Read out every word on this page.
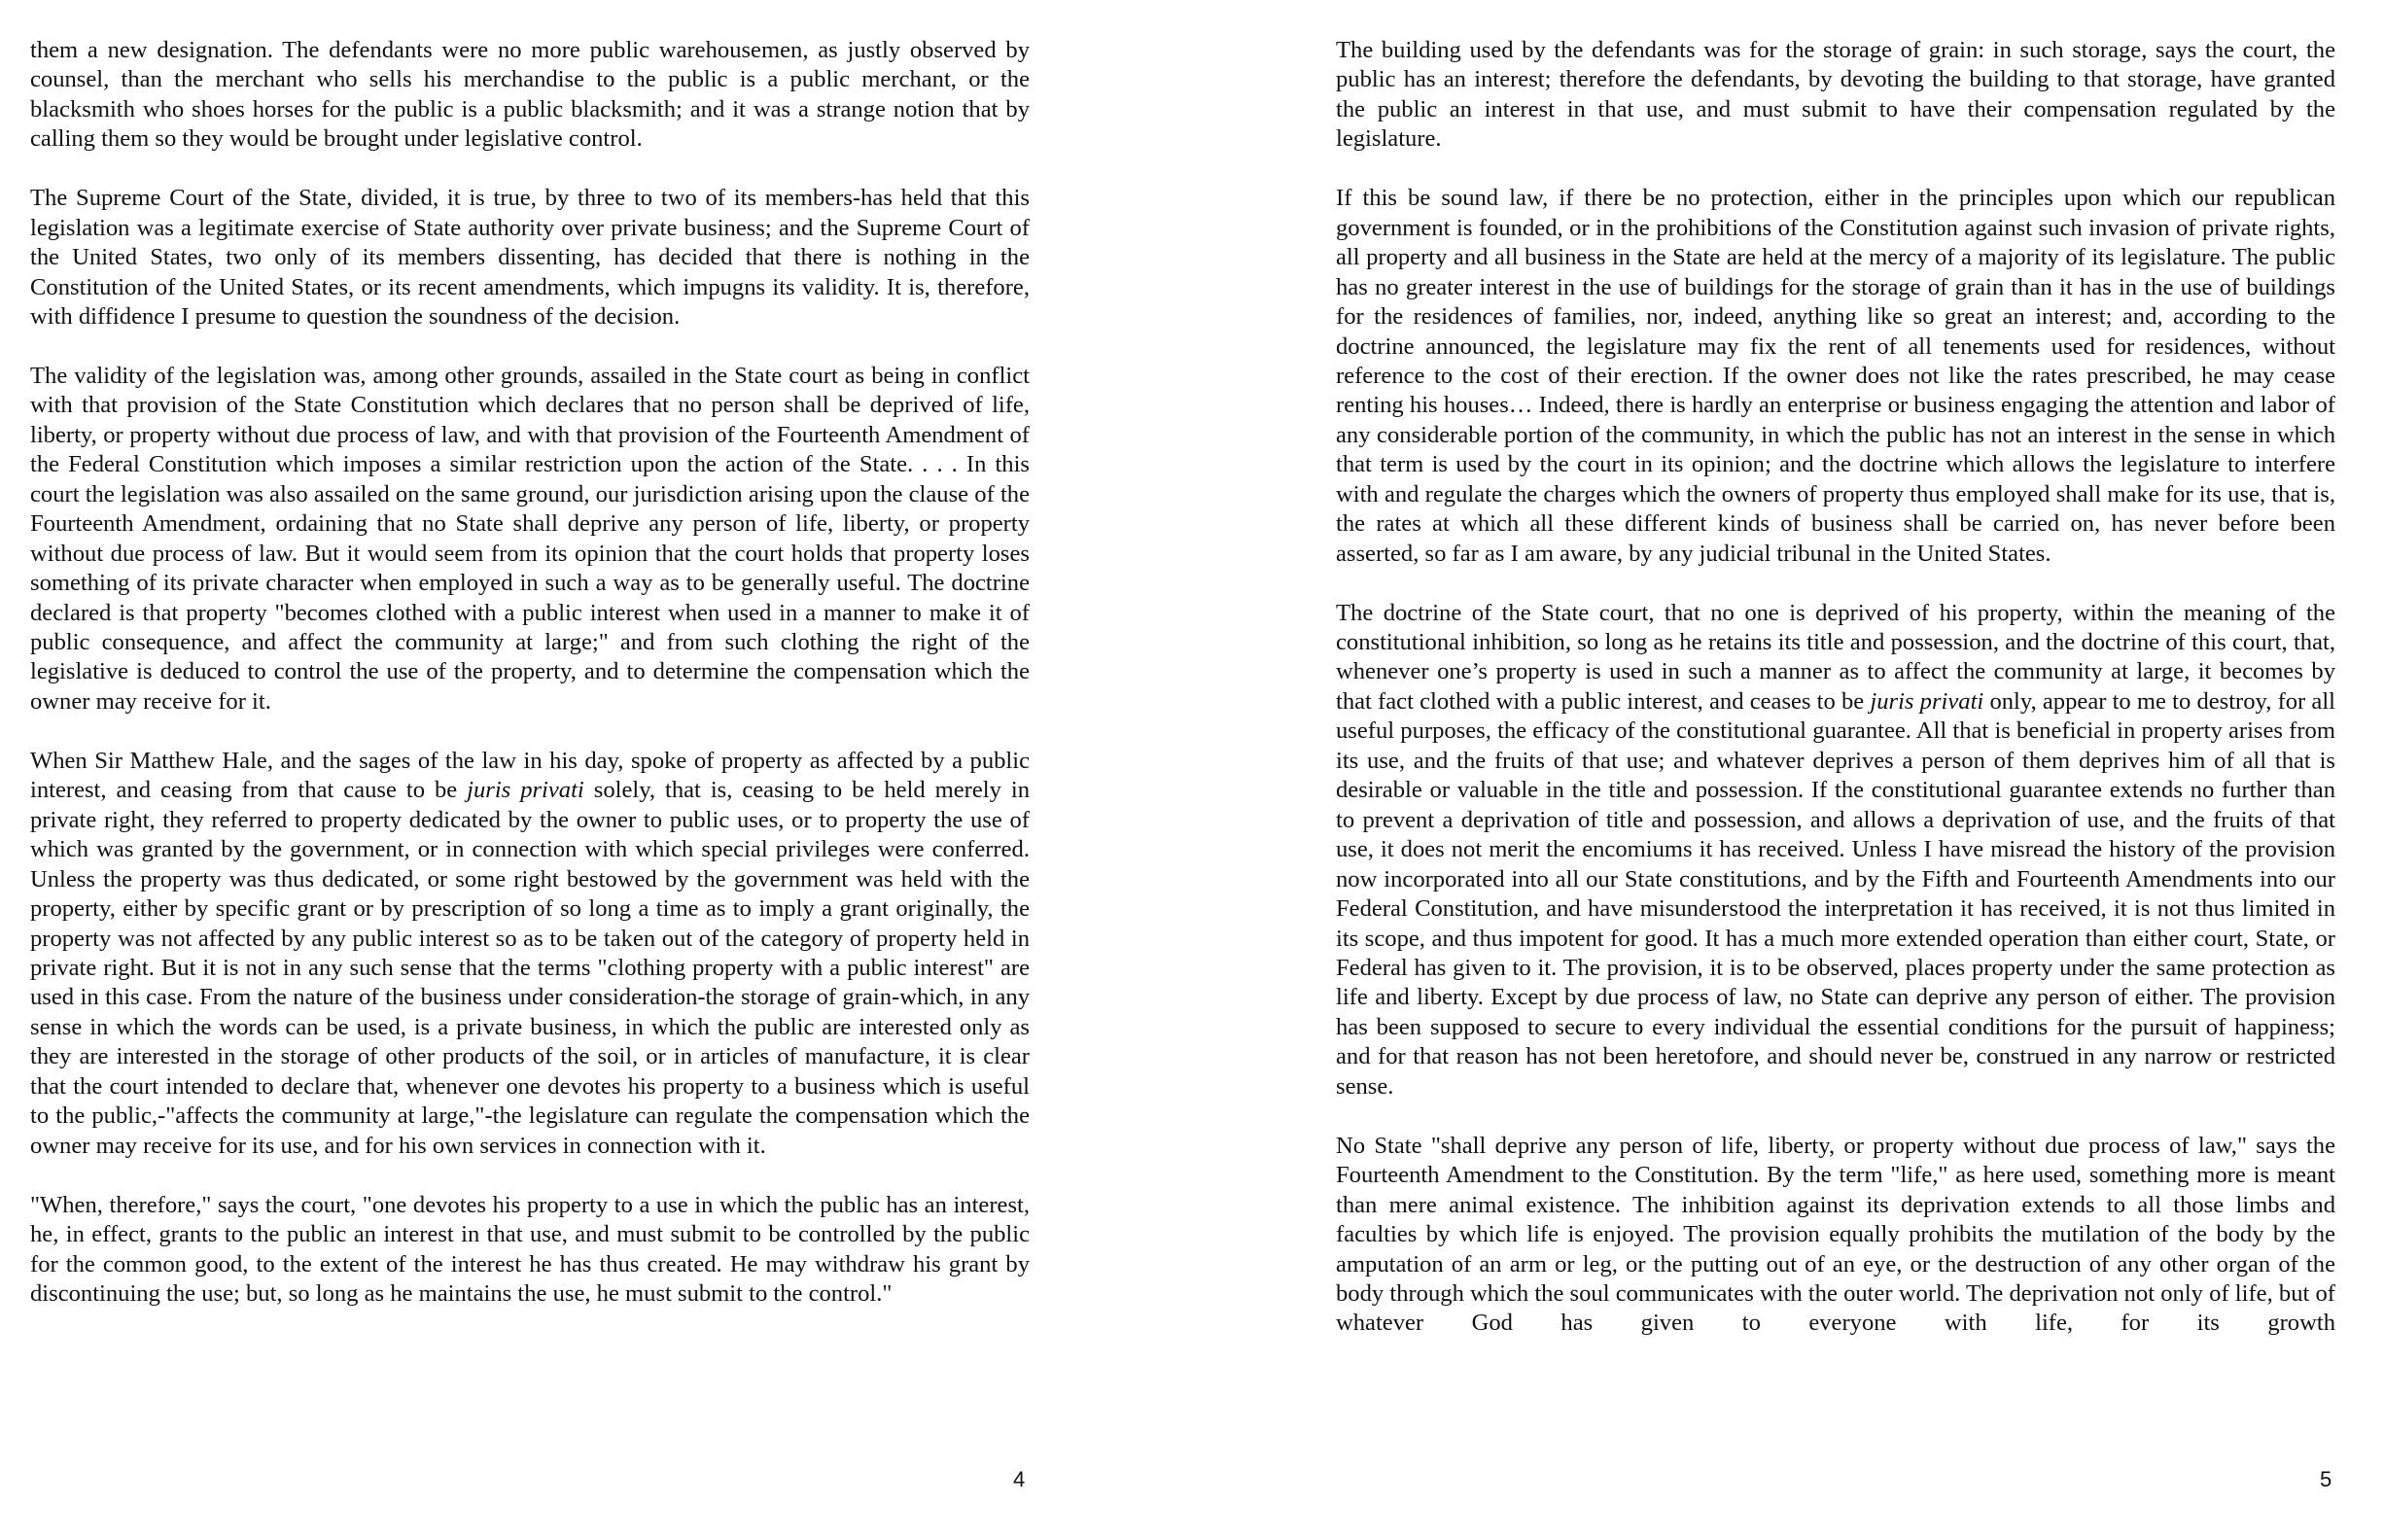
them a new designation. The defendants were no more public warehousemen, as justly observed by counsel, than the merchant who sells his merchandise to the public is a public merchant, or the blacksmith who shoes horses for the public is a public blacksmith; and it was a strange notion that by calling them so they would be brought under legislative control.

The Supreme Court of the State, divided, it is true, by three to two of its members-has held that this legislation was a legitimate exercise of State authority over private business; and the Supreme Court of the United States, two only of its members dissenting, has decided that there is nothing in the Constitution of the United States, or its recent amendments, which impugns its validity. It is, therefore, with diffidence I presume to question the soundness of the decision.

The validity of the legislation was, among other grounds, assailed in the State court as being in conflict with that provision of the State Constitution which declares that no person shall be deprived of life, liberty, or property without due process of law, and with that provision of the Fourteenth Amendment of the Federal Constitution which imposes a similar restriction upon the action of the State. . . . In this court the legislation was also assailed on the same ground, our jurisdiction arising upon the clause of the Fourteenth Amendment, ordaining that no State shall deprive any person of life, liberty, or property without due process of law. But it would seem from its opinion that the court holds that property loses something of its private character when employed in such a way as to be generally useful. The doctrine declared is that property "becomes clothed with a public interest when used in a manner to make it of public consequence, and affect the community at large;" and from such clothing the right of the legislative is deduced to control the use of the property, and to determine the compensation which the owner may receive for it.

When Sir Matthew Hale, and the sages of the law in his day, spoke of property as affected by a public interest, and ceasing from that cause to be juris privati solely, that is, ceasing to be held merely in private right, they referred to property dedicated by the owner to public uses, or to property the use of which was granted by the government, or in connection with which special privileges were conferred. Unless the property was thus dedicated, or some right bestowed by the government was held with the property, either by specific grant or by prescription of so long a time as to imply a grant originally, the property was not affected by any public interest so as to be taken out of the category of property held in private right. But it is not in any such sense that the terms "clothing property with a public interest" are used in this case. From the nature of the business under consideration-the storage of grain-which, in any sense in which the words can be used, is a private business, in which the public are interested only as they are interested in the storage of other products of the soil, or in articles of manufacture, it is clear that the court intended to declare that, whenever one devotes his property to a business which is useful to the public,-"affects the community at large,"-the legislature can regulate the compensation which the owner may receive for its use, and for his own services in connection with it.

"When, therefore," says the court, "one devotes his property to a use in which the public has an interest, he, in effect, grants to the public an interest in that use, and must submit to be controlled by the public for the common good, to the extent of the interest he has thus created. He may withdraw his grant by discontinuing the use; but, so long as he maintains the use, he must submit to the control."

4

The building used by the defendants was for the storage of grain: in such storage, says the court, the public has an interest; therefore the defendants, by devoting the building to that storage, have granted the public an interest in that use, and must submit to have their compensation regulated by the legislature.

If this be sound law, if there be no protection, either in the principles upon which our republican government is founded, or in the prohibitions of the Constitution against such invasion of private rights, all property and all business in the State are held at the mercy of a majority of its legislature. The public has no greater interest in the use of buildings for the storage of grain than it has in the use of buildings for the residences of families, nor, indeed, anything like so great an interest; and, according to the doctrine announced, the legislature may fix the rent of all tenements used for residences, without reference to the cost of their erection. If the owner does not like the rates prescribed, he may cease renting his houses… Indeed, there is hardly an enterprise or business engaging the attention and labor of any considerable portion of the community, in which the public has not an interest in the sense in which that term is used by the court in its opinion; and the doctrine which allows the legislature to interfere with and regulate the charges which the owners of property thus employed shall make for its use, that is, the rates at which all these different kinds of business shall be carried on, has never before been asserted, so far as I am aware, by any judicial tribunal in the United States.

The doctrine of the State court, that no one is deprived of his property, within the meaning of the constitutional inhibition, so long as he retains its title and possession, and the doctrine of this court, that, whenever one’s property is used in such a manner as to affect the community at large, it becomes by that fact clothed with a public interest, and ceases to be juris privati only, appear to me to destroy, for all useful purposes, the efficacy of the constitutional guarantee. All that is beneficial in property arises from its use, and the fruits of that use; and whatever deprives a person of them deprives him of all that is desirable or valuable in the title and possession. If the constitutional guarantee extends no further than to prevent a deprivation of title and possession, and allows a deprivation of use, and the fruits of that use, it does not merit the encomiums it has received. Unless I have misread the history of the provision now incorporated into all our State constitutions, and by the Fifth and Fourteenth Amendments into our Federal Constitution, and have misunderstood the interpretation it has received, it is not thus limited in its scope, and thus impotent for good. It has a much more extended operation than either court, State, or Federal has given to it. The provision, it is to be observed, places property under the same protection as life and liberty. Except by due process of law, no State can deprive any person of either. The provision has been supposed to secure to every individual the essential conditions for the pursuit of happiness; and for that reason has not been heretofore, and should never be, construed in any narrow or restricted sense.

No State "shall deprive any person of life, liberty, or property without due process of law," says the Fourteenth Amendment to the Constitution. By the term "life," as here used, something more is meant than mere animal existence. The inhibition against its deprivation extends to all those limbs and faculties by which life is enjoyed. The provision equally prohibits the mutilation of the body by the amputation of an arm or leg, or the putting out of an eye, or the destruction of any other organ of the body through which the soul communicates with the outer world. The deprivation not only of life, but of whatever God has given to everyone with life, for its growth

5
